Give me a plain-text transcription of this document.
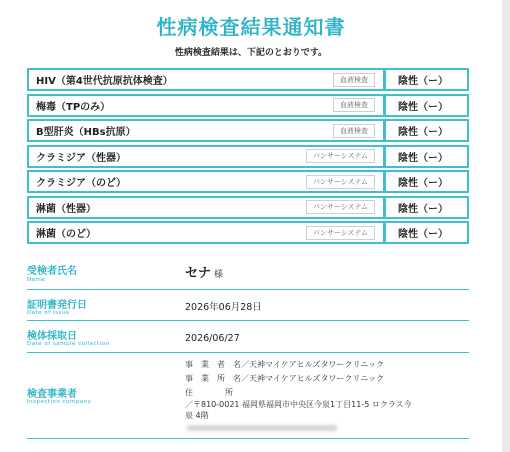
性病検査結果通知書
性病検査結果は、下記のとおりです。
HIV（第4世代抗原抗体検査）	血液検査	陰性（ー）
梅毒（TPのみ）	血液検査	陰性（ー）
B型肝炎（HBs抗原）	血液検査	陰性（ー）
クラミジア（性器）	パンサーシステム	陰性（ー）
クラミジア（のど）	パンサーシステム	陰性（ー）
淋菌（性器）	パンサーシステム	陰性（ー）
淋菌（のど）	パンサーシステム	陰性（ー）
受検者氏名
Name	セナ 様
証明書発行日
Date of issue	2026年06月28日
検体採取日
Date of sample collection	2026/06/27
検査事業者
Inspection company
事　業　者　名／天神マイケアヒルズタワークリニック
事　業　所　名／天神マイケアヒルズタワークリニック
住　　　　所
／〒810-0021 福岡県福岡市中央区今泉1丁目11-5 ロクラス今
泉 4階
